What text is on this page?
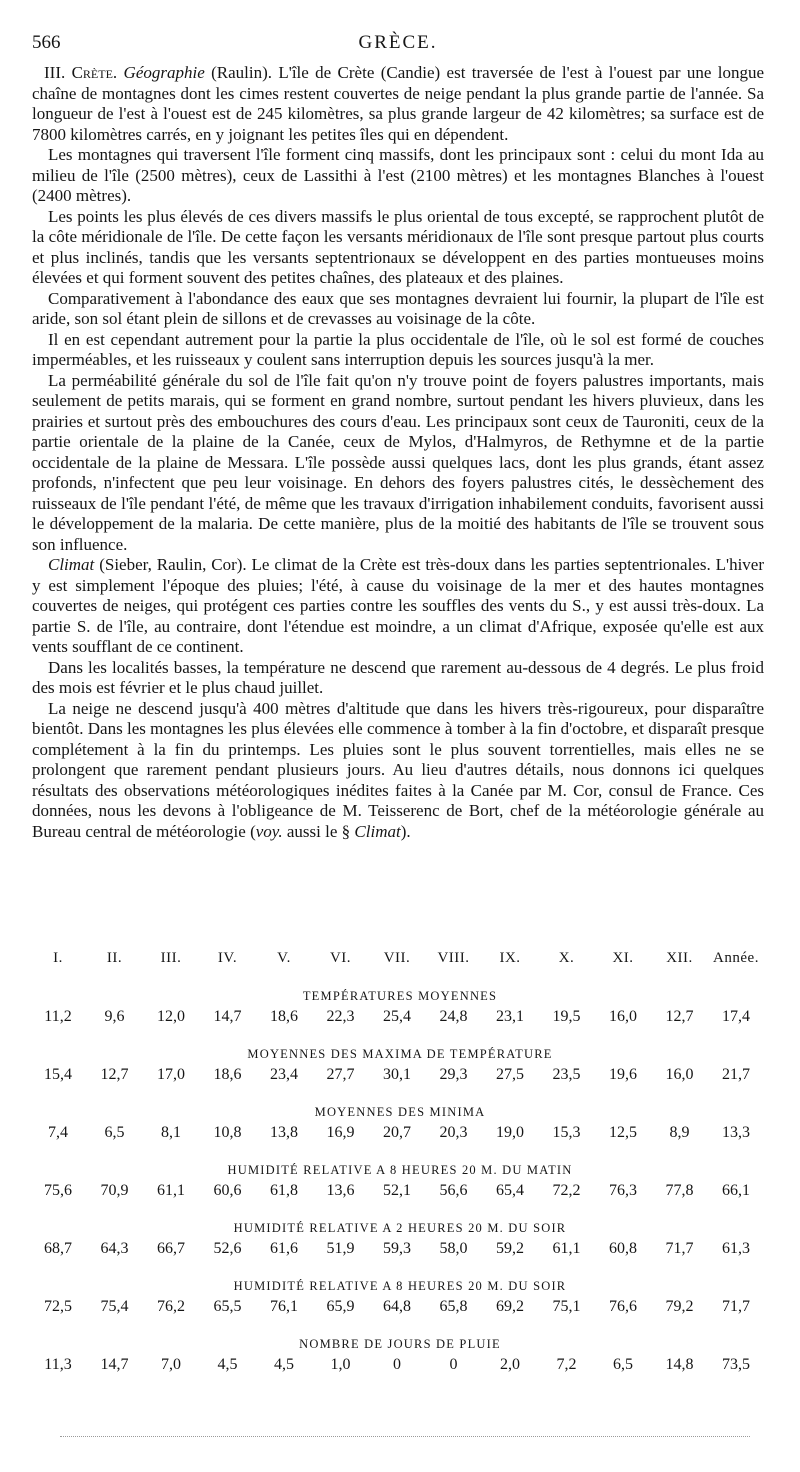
566	GRÈCE.

III. Crète. Géographie (Raulin). L'île de Crète (Candie) est traversée de l'est à l'ouest par une longue chaîne de montagnes dont les cimes restent couvertes de neige pendant la plus grande partie de l'année. Sa longueur de l'est à l'ouest est de 245 kilomètres, sa plus grande largeur de 42 kilomètres; sa surface est de 7800 kilomètres carrés, en y joignant les petites îles qui en dépendent.

Les montagnes qui traversent l'île forment cinq massifs, dont les principaux sont : celui du mont Ida au milieu de l'île (2500 mètres), ceux de Lassithi à l'est (2100 mètres) et les montagnes Blanches à l'ouest (2400 mètres).

Les points les plus élevés de ces divers massifs le plus oriental de tous excepté, se rapprochent plutôt de la côte méridionale de l'île. De cette façon les versants méridionaux de l'île sont presque partout plus courts et plus inclinés, tandis que les versants septentrionaux se développent en des parties montueuses moins élevées et qui forment souvent des petites chaînes, des plateaux et des plaines.

Comparativement à l'abondance des eaux que ses montagnes devraient lui fournir, la plupart de l'île est aride, son sol étant plein de sillons et de crevasses au voisinage de la côte.

Il en est cependant autrement pour la partie la plus occidentale de l'île, où le sol est formé de couches imperméables, et les ruisseaux y coulent sans interruption depuis les sources jusqu'à la mer.

La perméabilité générale du sol de l'île fait qu'on n'y trouve point de foyers palustres importants, mais seulement de petits marais, qui se forment en grand nombre, surtout pendant les hivers pluvieux, dans les prairies et surtout près des embouchures des cours d'eau. Les principaux sont ceux de Tauroniti, ceux de la partie orientale de la plaine de la Canée, ceux de Mylos, d'Halmyros, de Rethymne et de la partie occidentale de la plaine de Messara. L'île possède aussi quelques lacs, dont les plus grands, étant assez profonds, n'infectent que peu leur voisinage. En dehors des foyers palustres cités, le dessèchement des ruisseaux de l'île pendant l'été, de même que les travaux d'irrigation inhabilement conduits, favorisent aussi le développement de la malaria. De cette manière, plus de la moitié des habitants de l'île se trouvent sous son influence.

Climat (Sieber, Raulin, Cor). Le climat de la Crète est très-doux dans les parties septentrionales. L'hiver y est simplement l'époque des pluies; l'été, à cause du voisinage de la mer et des hautes montagnes couvertes de neiges, qui protégent ces parties contre les souffles des vents du S., y est aussi très-doux. La partie S. de l'île, au contraire, dont l'étendue est moindre, a un climat d'Afrique, exposée qu'elle est aux vents soufflant de ce continent.

Dans les localités basses, la température ne descend que rarement au-dessous de 4 degrés. Le plus froid des mois est février et le plus chaud juillet.

La neige ne descend jusqu'à 400 mètres d'altitude que dans les hivers très-rigoureux, pour disparaître bientôt. Dans les montagnes les plus élevées elle commence à tomber à la fin d'octobre, et disparaît presque complétement à la fin du printemps. Les pluies sont le plus souvent torrentielles, mais elles ne se prolongent que rarement pendant plusieurs jours. Au lieu d'autres détails, nous donnons ici quelques résultats des observations météorologiques inédites faites à la Canée par M. Cor, consul de France. Ces données, nous les devons à l'obligeance de M. Teisserenc de Bort, chef de la météorologie générale au Bureau central de météorologie (voy. aussi le § Climat).

I.	II.	III.	IV.	V.	VI.	VII.	VIII.	IX.	X.	XI.	XII.	Année.
TEMPÉRATURES MOYENNES
11,2	9,6	12,0	14,7	18,6	22,3	25,4	24,8	23,1	19,5	16,0	12,7	17,4
MOYENNES DES MAXIMA DE TEMPÉRATURE
15,4	12,7	17,0	18,6	23,4	27,7	30,1	29,3	27,5	23,5	19,6	16,0	21,7
MOYENNES DES MINIMA
7,4	6,5	8,1	10,8	13,8	16,9	20,7	20,3	19,0	15,3	12,5	8,9	13,3
HUMIDITÉ RELATIVE A 8 HEURES 20 M. DU MATIN
75,6	70,9	61,1	60,6	61,8	13,6	52,1	56,6	65,4	72,2	76,3	77,8	66,1
HUMIDITÉ RELATIVE A 2 HEURES 20 M. DU SOIR
68,7	64,3	66,7	52,6	61,6	51,9	59,3	58,0	59,2	61,1	60,8	71,7	61,3
HUMIDITÉ RELATIVE A 8 HEURES 20 M. DU SOIR
72,5	75,4	76,2	65,5	76,1	65,9	64,8	65,8	69,2	75,1	76,6	79,2	71,7
NOMBRE DE JOURS DE PLUIE
11,3	14,7	7,0	4,5	4,5	1,0	0	0	2,0	7,2	6,5	14,8	73,5
